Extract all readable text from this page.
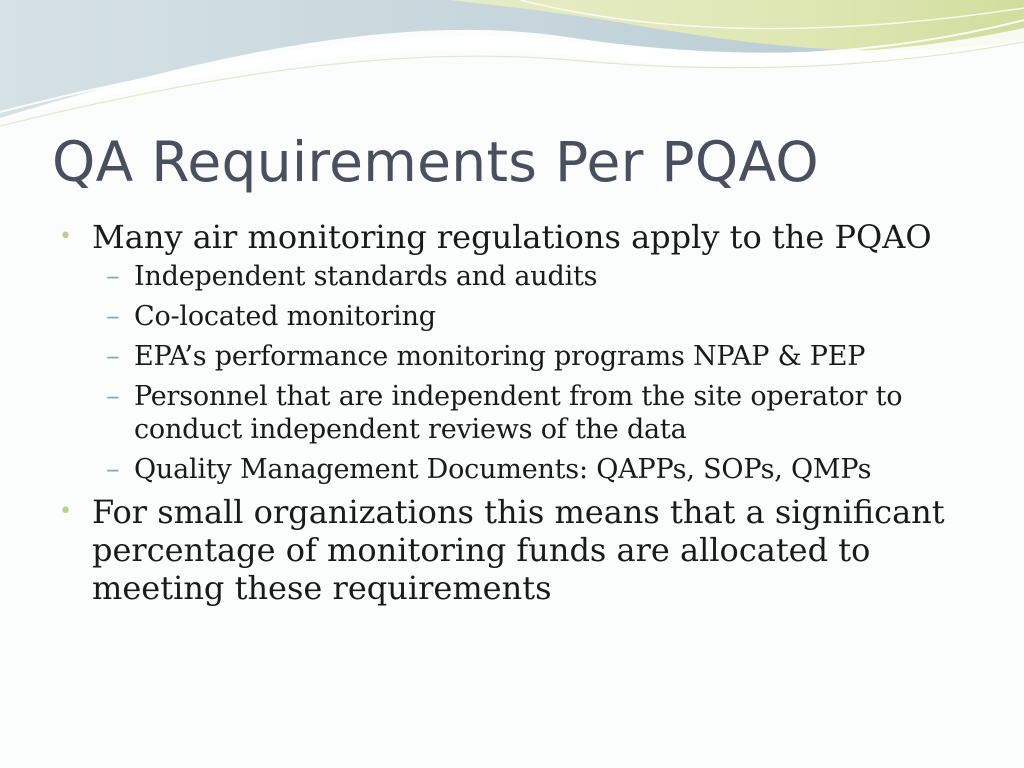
QA Requirements Per PQAO
• Many air monitoring regulations apply to the PQAO
– Independent standards and audits
– Co-located monitoring
– EPA’s performance monitoring programs NPAP & PEP
– Personnel that are independent from the site operator to conduct independent reviews of the data
– Quality Management Documents: QAPPs, SOPs, QMPs
• For small organizations this means that a significant percentage of monitoring funds are allocated to meeting these requirements
